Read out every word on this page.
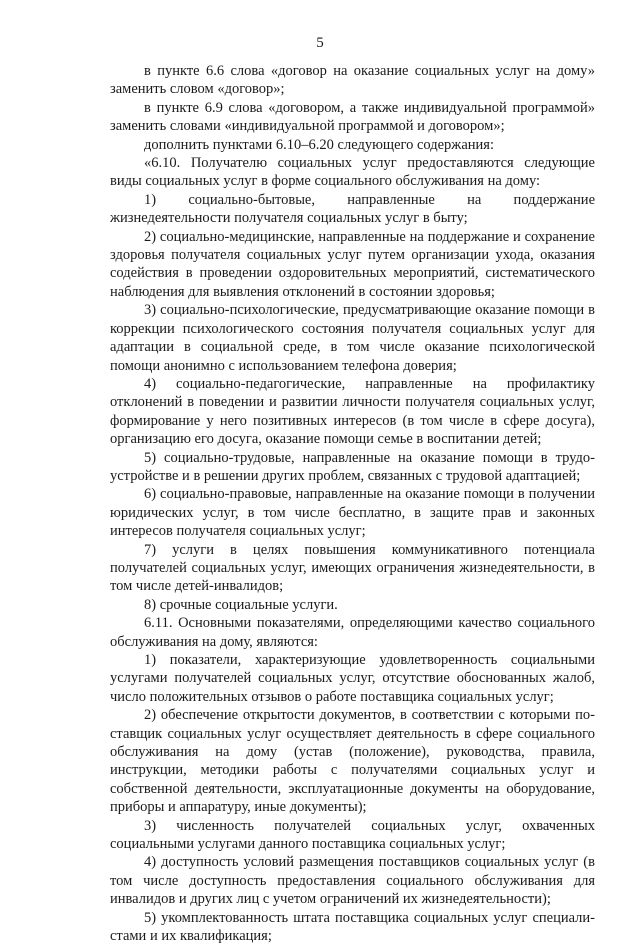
5

в пункте 6.6 слова «договор на оказание социальных услуг на дому» заменить словом «договор»;

в пункте 6.9 слова «договором, а также индивидуальной программой» заменить словами «индивидуальной программой и договором»;

дополнить пунктами 6.10–6.20 следующего содержания:

«6.10. Получателю социальных услуг предоставляются следующие виды социальных услуг в форме социального обслуживания на дому:

1) социально-бытовые, направленные на поддержание жизнедеятельности получателя социальных услуг в быту;

2) социально-медицинские, направленные на поддержание и сохранение здоровья получателя социальных услуг путем организации ухода, оказания содействия в проведении оздоровительных мероприятий, систематического наблюдения для выявления отклонений в состоянии здоровья;

3) социально-психологические, предусматривающие оказание помощи в коррекции психологического состояния получателя социальных услуг для адаптации в социальной среде, в том числе оказание психологической помощи анонимно с использованием телефона доверия;

4) социально-педагогические, направленные на профилактику отклонений в поведении и развитии личности получателя социальных услуг, формирование у него позитивных интересов (в том числе в сфере досуга), организацию его досуга, оказание помощи семье в воспитании детей;

5) социально-трудовые, направленные на оказание помощи в трудоустройстве и в решении других проблем, связанных с трудовой адаптацией;

6) социально-правовые, направленные на оказание помощи в получении юридических услуг, в том числе бесплатно, в защите прав и законных интересов получателя социальных услуг;

7) услуги в целях повышения коммуникативного потенциала получателей социальных услуг, имеющих ограничения жизнедеятельности, в том числе детей-инвалидов;

8) срочные социальные услуги.

6.11. Основными показателями, определяющими качество социального обслуживания на дому, являются:

1) показатели, характеризующие удовлетворенность социальными услугами получателей социальных услуг, отсутствие обоснованных жалоб, число положительных отзывов о работе поставщика социальных услуг;

2) обеспечение открытости документов, в соответствии с которыми поставщик социальных услуг осуществляет деятельность в сфере социального обслуживания на дому (устав (положение), руководства, правила, инструкции, методики работы с получателями социальных услуг и собственной деятельности, эксплуатационные документы на оборудование, приборы и аппаратуру, иные документы);

3) численность получателей социальных услуг, охваченных социальными услугами данного поставщика социальных услуг;

4) доступность условий размещения поставщиков социальных услуг (в том числе доступность предоставления социального обслуживания для инвалидов и других лиц с учетом ограничений их жизнедеятельности);

5) укомплектованность штата поставщика социальных услуг специалистами и их квалификация;
